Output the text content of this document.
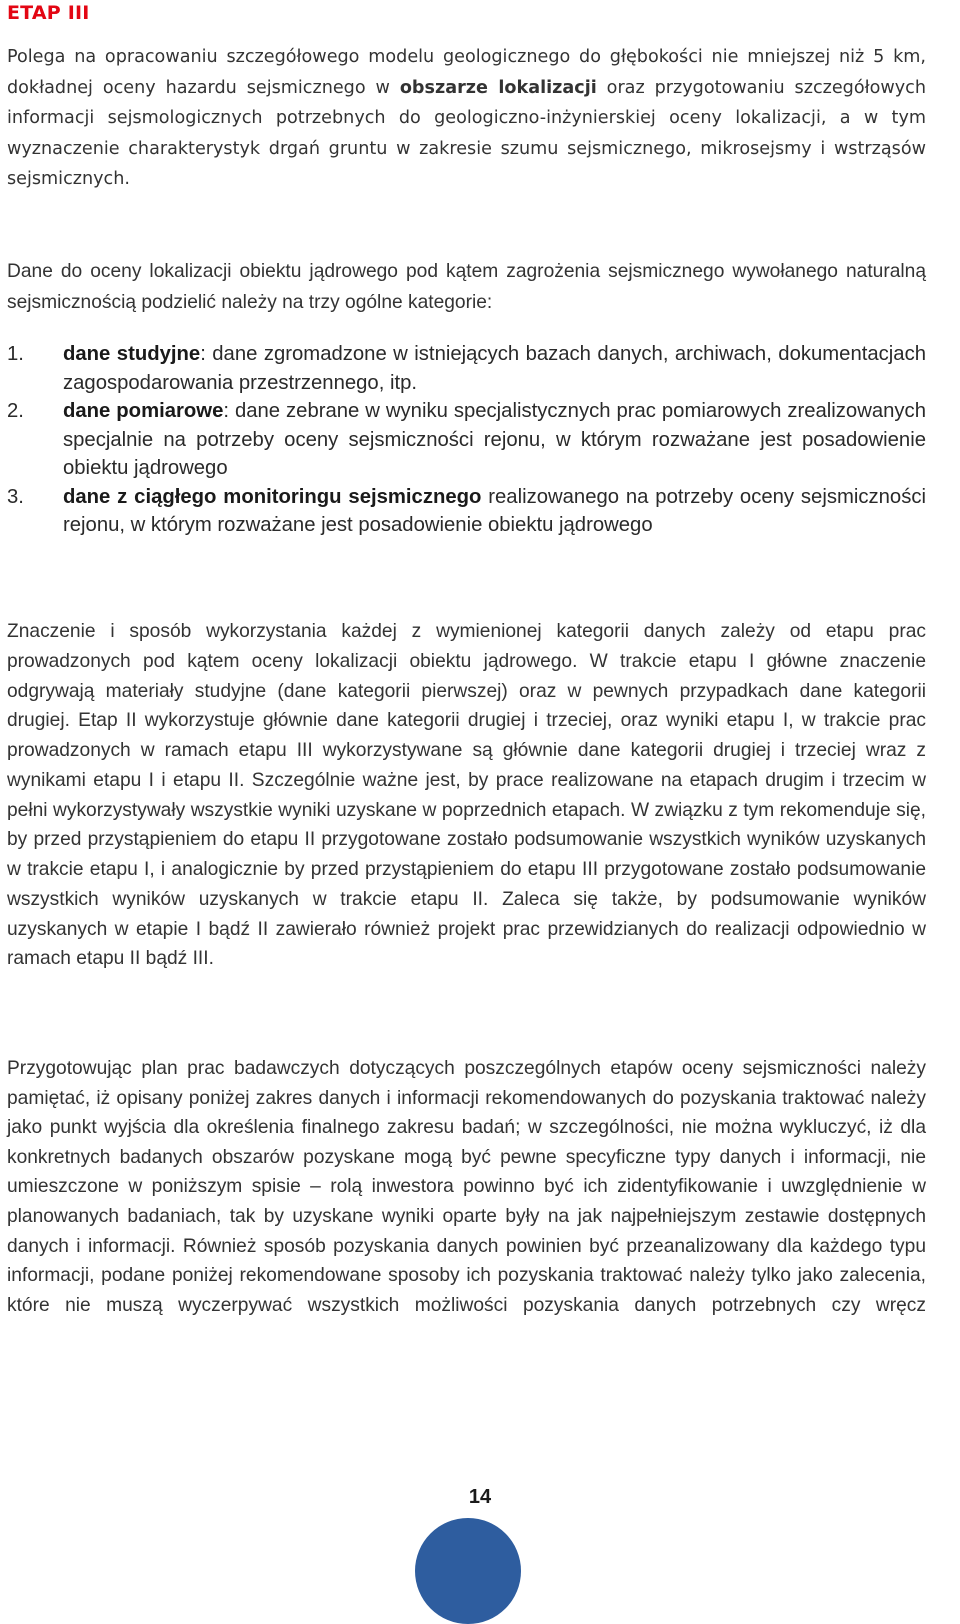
ETAP III

Polega na opracowaniu szczegółowego modelu geologicznego do głębokości nie mniejszej niż 5 km, dokładnej oceny hazardu sejsmicznego w obszarze lokalizacji oraz przygotowaniu szczegółowych informacji sejsmologicznych potrzebnych do geologiczno-inżynierskiej oceny lokalizacji, a w tym wyznaczenie charakterystyk drgań gruntu w zakresie szumu sejsmicznego, mikrosejsmy i wstrząsów sejsmicznych.

Dane do oceny lokalizacji obiektu jądrowego pod kątem zagrożenia sejsmicznego wywołanego naturalną sejsmicznością podzielić należy na trzy ogólne kategorie:

1. dane studyjne: dane zgromadzone w istniejących bazach danych, archiwach, dokumentacjach zagospodarowania przestrzennego, itp.
2. dane pomiarowe: dane zebrane w wyniku specjalistycznych prac pomiarowych zrealizowanych specjalnie na potrzeby oceny sejsmiczności rejonu, w którym rozważane jest posadowienie obiektu jądrowego
3. dane z ciągłego monitoringu sejsmicznego realizowanego na potrzeby oceny sejsmiczności rejonu, w którym rozważane jest posadowienie obiektu jądrowego

Znaczenie i sposób wykorzystania każdej z wymienionej kategorii danych zależy od etapu prac prowadzonych pod kątem oceny lokalizacji obiektu jądrowego. W trakcie etapu I główne znaczenie odgrywają materiały studyjne (dane kategorii pierwszej) oraz w pewnych przypadkach dane kategorii drugiej. Etap II wykorzystuje głównie dane kategorii drugiej i trzeciej, oraz wyniki etapu I, w trakcie prac prowadzonych w ramach etapu III wykorzystywane są głównie dane kategorii drugiej i trzeciej wraz z wynikami etapu I i etapu II. Szczególnie ważne jest, by prace realizowane na etapach drugim i trzecim w pełni wykorzystywały wszystkie wyniki uzyskane w poprzednich etapach. W związku z tym rekomenduje się, by przed przystąpieniem do etapu II przygotowane zostało podsumowanie wszystkich wyników uzyskanych w trakcie etapu I, i analogicznie by przed przystąpieniem do etapu III przygotowane zostało podsumowanie wszystkich wyników uzyskanych w trakcie etapu II. Zaleca się także, by podsumowanie wyników uzyskanych w etapie I bądź II zawierało również projekt prac przewidzianych do realizacji odpowiednio w ramach etapu II bądź III.

Przygotowując plan prac badawczych dotyczących poszczególnych etapów oceny sejsmiczności należy pamiętać, iż opisany poniżej zakres danych i informacji rekomendowanych do pozyskania traktować należy jako punkt wyjścia dla określenia finalnego zakresu badań; w szczególności, nie można wykluczyć, iż dla konkretnych badanych obszarów pozyskane mogą być pewne specyficzne typy danych i informacji, nie umieszczone w poniższym spisie – rolą inwestora powinno być ich zidentyfikowanie i uwzględnienie w planowanych badaniach, tak by uzyskane wyniki oparte były na jak najpełniejszym zestawie dostępnych danych i informacji. Również sposób pozyskania danych powinien być przeanalizowany dla każdego typu informacji, podane poniżej rekomendowane sposoby ich pozyskania traktować należy tylko jako zalecenia, które nie muszą wyczerpywać wszystkich możliwości pozyskania danych potrzebnych czy wręcz

14
